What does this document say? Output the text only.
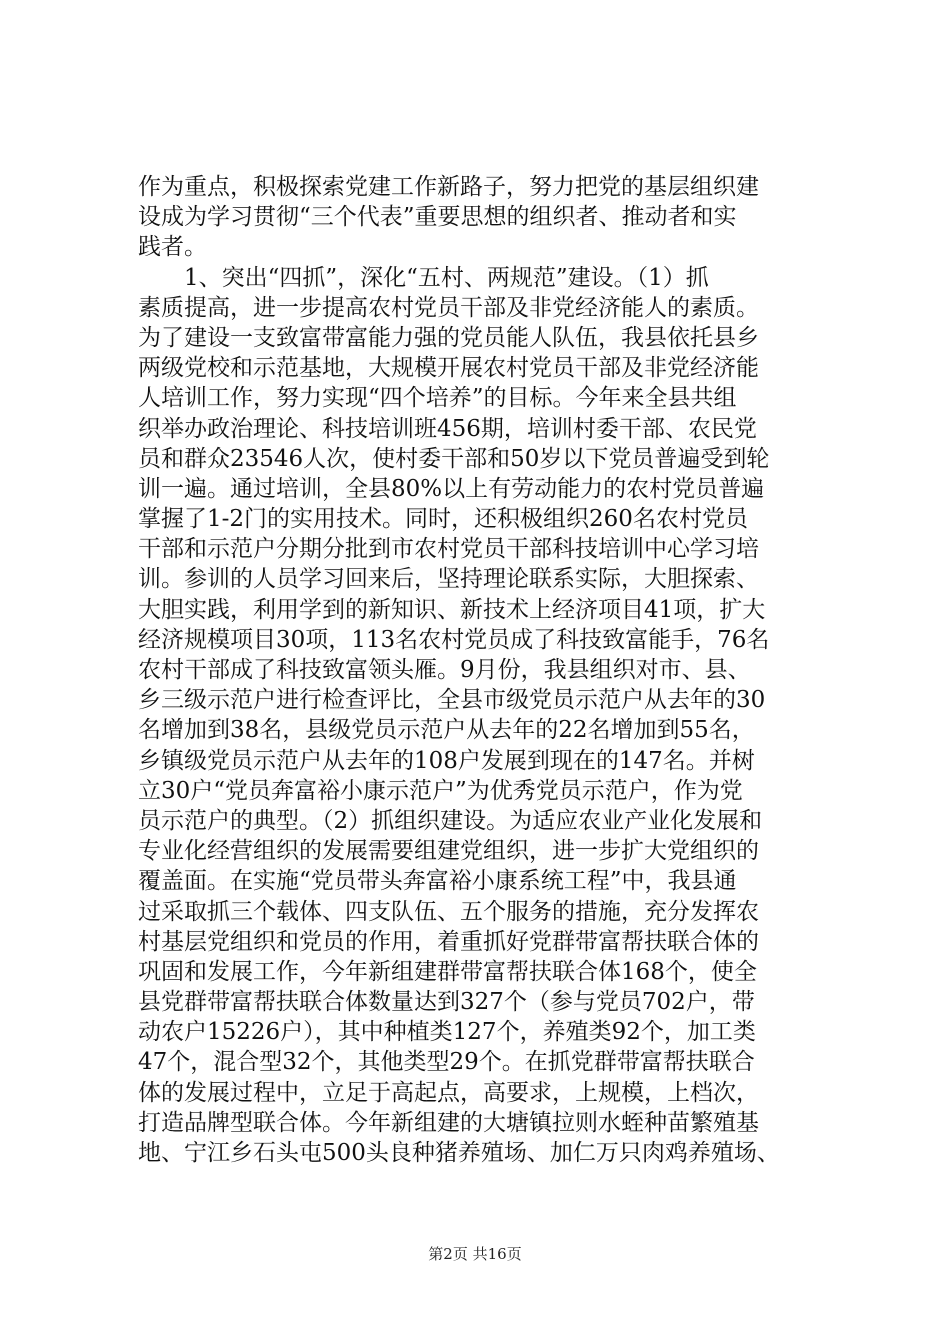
作为重点，积极探索党建工作新路子，努力把党的基层组织建
设成为学习贯彻“三个代表”重要思想的组织者、推动者和实
践者。
　　1、突出“四抓”，深化“五村、两规范”建设。（1）抓
素质提高，进一步提高农村党员干部及非党经济能人的素质。
为了建设一支致富带富能力强的党员能人队伍，我县依托县乡
两级党校和示范基地，大规模开展农村党员干部及非党经济能
人培训工作，努力实现“四个培养”的目标。今年来全县共组
织举办政治理论、科技培训班456期，培训村委干部、农民党
员和群众23546人次，使村委干部和50岁以下党员普遍受到轮
训一遍。通过培训，全县80%以上有劳动能力的农村党员普遍
掌握了1-2门的实用技术。同时，还积极组织260名农村党员
干部和示范户分期分批到市农村党员干部科技培训中心学习培
训。参训的人员学习回来后，坚持理论联系实际，大胆探索、
大胆实践，利用学到的新知识、新技术上经济项目41项，扩大
经济规模项目30项，113名农村党员成了科技致富能手，76名
农村干部成了科技致富领头雁。9月份，我县组织对市、县、
乡三级示范户进行检查评比，全县市级党员示范户从去年的30
名增加到38名，县级党员示范户从去年的22名增加到55名，
乡镇级党员示范户从去年的108户发展到现在的147名。并树
立30户“党员奔富裕小康示范户”为优秀党员示范户，作为党
员示范户的典型。（2）抓组织建设。为适应农业产业化发展和
专业化经营组织的发展需要组建党组织，进一步扩大党组织的
覆盖面。在实施“党员带头奔富裕小康系统工程”中，我县通
过采取抓三个载体、四支队伍、五个服务的措施，充分发挥农
村基层党组织和党员的作用，着重抓好党群带富帮扶联合体的
巩固和发展工作，今年新组建群带富帮扶联合体168个，使全
县党群带富帮扶联合体数量达到327个（参与党员702户，带
动农户15226户），其中种植类127个，养殖类92个，加工类
47个，混合型32个，其他类型29个。在抓党群带富帮扶联合
体的发展过程中，立足于高起点，高要求，上规模，上档次，
打造品牌型联合体。今年新组建的大塘镇拉则水蛭种苗繁殖基
地、宁江乡石头屯500头良种猪养殖场、加仁万只肉鸡养殖场、
第2页 共16页
